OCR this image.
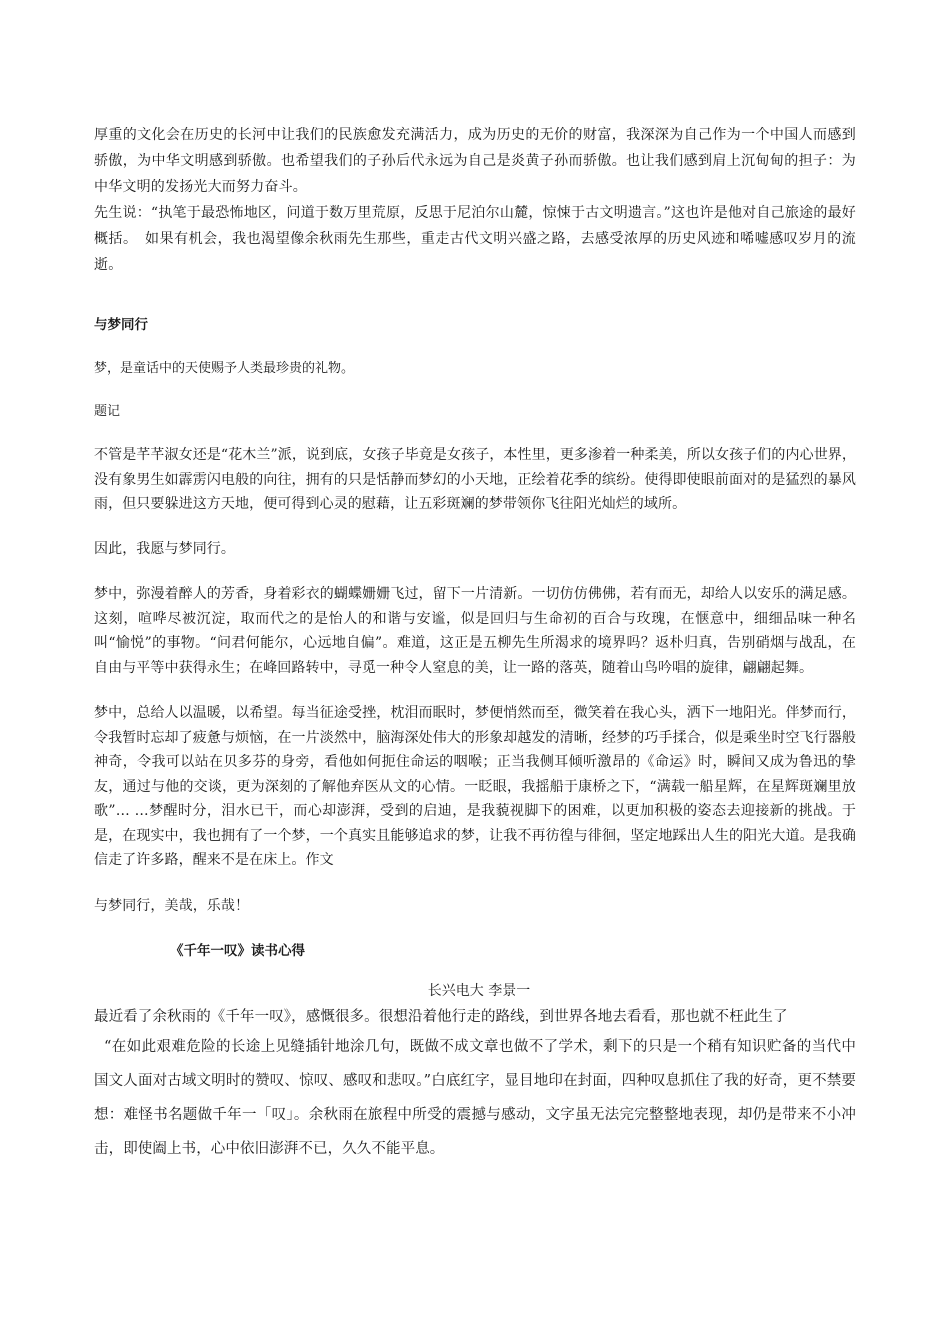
厚重的文化会在历史的长河中让我们的民族愈发充满活力，成为历史的无价的财富，我深深为自己作为一个中国人而感到骄傲，为中华文明感到骄傲。也希望我们的子孙后代永远为自己是炎黄子孙而骄傲。也让我们感到肩上沉甸甸的担子：为中华文明的发扬光大而努力奋斗。

先生说：“执笔于最恐怖地区，问道于数万里荒原，反思于尼泊尔山麓，惊悚于古文明遗言。”这也许是他对自己旅途的最好概括。　如果有机会，我也渴望像余秋雨先生那些，重走古代文明兴盛之路，去感受浓厚的历史风迹和唏嘘感叹岁月的流逝。

与梦同行

梦，是童话中的天使赐予人类最珍贵的礼物。

题记

不管是芊芊淑女还是“花木兰”派，说到底，女孩子毕竟是女孩子，本性里，更多渗着一种柔美，所以女孩子们的内心世界，没有象男生如霹雳闪电般的向往，拥有的只是恬静而梦幻的小天地，正绘着花季的缤纷。使得即使眼前面对的是猛烈的暴风雨，但只要躲进这方天地，便可得到心灵的慰藉，让五彩斑斓的梦带领你飞往阳光灿烂的域所。

因此，我愿与梦同行。

梦中，弥漫着醉人的芳香，身着彩衣的蝴蝶姗姗飞过，留下一片清新。一切仿仿佛佛，若有而无，却给人以安乐的满足感。这刻，喧哗尽被沉淀，取而代之的是怡人的和谐与安谧，似是回归与生命初的百合与玫瑰，在惬意中，细细品味一种名叫“愉悦”的事物。“问君何能尔，心远地自偏”。难道，这正是五柳先生所渴求的境界吗？返朴归真，告别硝烟与战乱，在自由与平等中获得永生；在峰回路转中，寻觅一种令人窒息的美，让一路的落英，随着山鸟吟唱的旋律，翩翩起舞。

梦中，总给人以温暖，以希望。每当征途受挫，枕泪而眠时，梦便悄然而至，微笑着在我心头，洒下一地阳光。伴梦而行，令我暂时忘却了疲惫与烦恼，在一片淡然中，脑海深处伟大的形象却越发的清晰，经梦的巧手揉合，似是乘坐时空飞行器般神奇，令我可以站在贝多芬的身旁，看他如何扼住命运的咽喉；正当我侧耳倾听激昂的《命运》时，瞬间又成为鲁迅的挚友，通过与他的交谈，更为深刻的了解他弃医从文的心情。一眨眼，我摇船于康桥之下，“满载一船星辉，在星辉斑斓里放歌”… …梦醒时分，泪水已干，而心却澎湃，受到的启迪，是我藐视脚下的困难，以更加积极的姿态去迎接新的挑战。于是，在现实中，我也拥有了一个梦，一个真实且能够追求的梦，让我不再彷徨与徘徊，坚定地踩出人生的阳光大道。是我确信走了许多路，醒来不是在床上。作文

与梦同行，美哉，乐哉！

《千年一叹》读书心得

长兴电大 李景一

最近看了余秋雨的《千年一叹》，感慨很多。很想沿着他行走的路线，到世界各地去看看，那也就不枉此生了

“在如此艰难危险的长途上见缝插针地涂几句，既做不成文章也做不了学术，剩下的只是一个稍有知识贮备的当代中国文人面对古域文明时的赞叹、惊叹、感叹和悲叹。”白底红字，显目地印在封面，四种叹息抓住了我的好奇，更不禁要想：难怪书名题做千年一「叹」。余秋雨在旅程中所受的震撼与感动，文字虽无法完完整整地表现，却仍是带来不小冲击，即使阖上书，心中依旧澎湃不已，久久不能平息。
